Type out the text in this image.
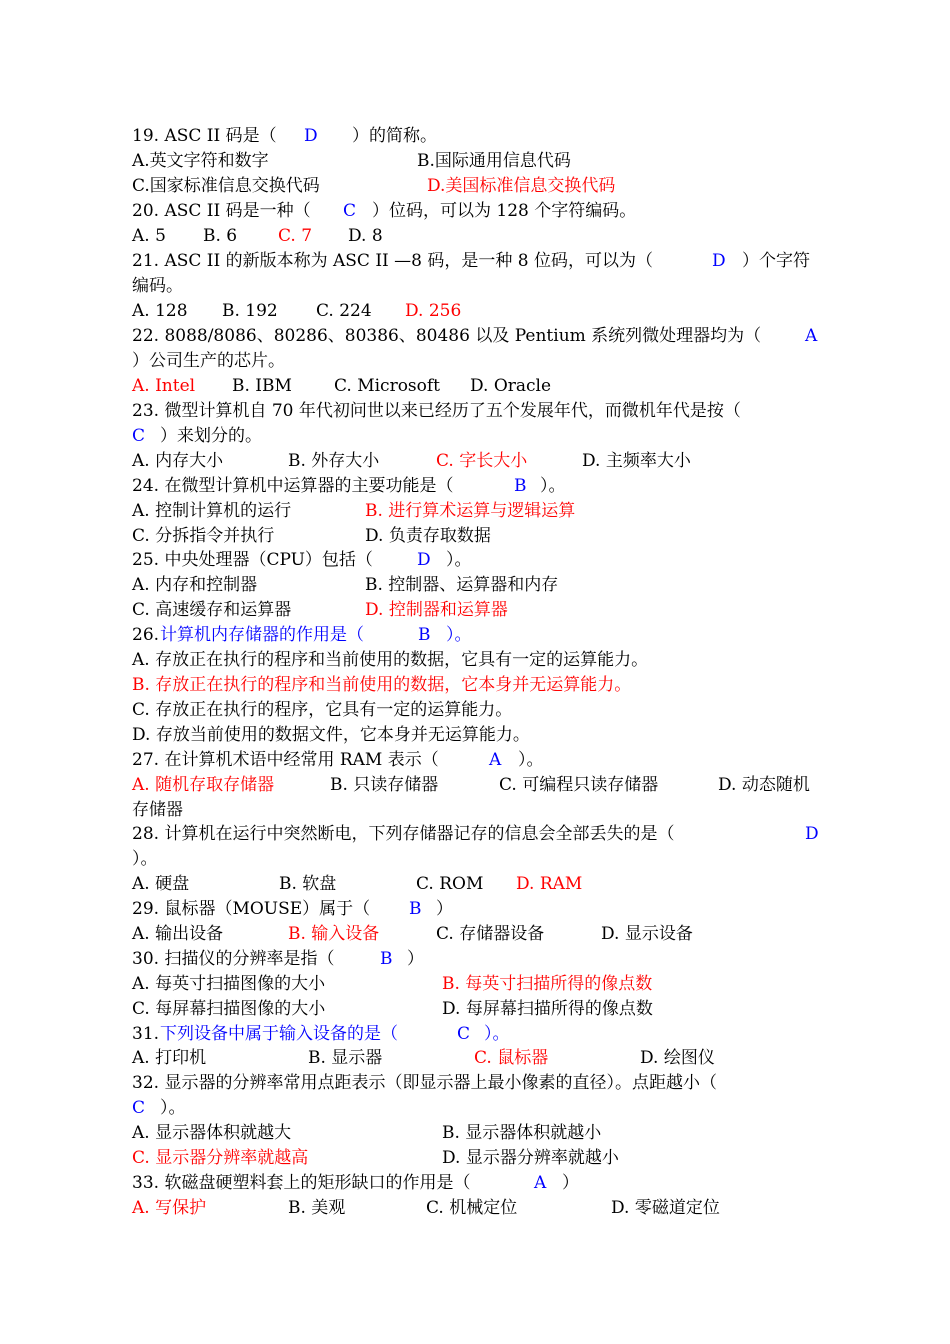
19. ASC II 码是（ D ）的简称。
A.英文字符和数字	B.国际通用信息代码
C.国家标准信息交换代码	D.美国标准信息交换代码
20. ASC II 码是一种（ C ）位码，可以为 128 个字符编码。
A. 5 B. 6 C. 7 D. 8
21. ASC II 的新版本称为 ASC II —8 码，是一种 8 位码，可以为（	D ）个字符
编码。
A. 128 B. 192 C. 224 D. 256
22. 8088/8086、80286、80386、80486 以及 Pentium 系统列微处理器均为（	A
）公司生产的芯片。
A. Intel B. IBM C. Microsoft D. Oracle
23. 微型计算机自 70 年代初问世以来已经历了五个发展年代，而微机年代是按（
C ）来划分的。
A. 内存大小	B. 外存大小	C. 字长大小	D. 主频率大小
24. 在微型计算机中运算器的主要功能是（	B ）。
A. 控制计算机的运行	B. 进行算术运算与逻辑运算
C. 分拆指令并执行	D. 负责存取数据
25. 中央处理器（CPU）包括（	D ）。
A. 内存和控制器	B. 控制器、运算器和内存
C. 高速缓存和运算器	D. 控制器和运算器
26. 计算机内存储器的作用是（	B ）。
A. 存放正在执行的程序和当前使用的数据，它具有一定的运算能力。
B. 存放正在执行的程序和当前使用的数据，它本身并无运算能力。
C. 存放正在执行的程序，它具有一定的运算能力。
D. 存放当前使用的数据文件，它本身并无运算能力。
27. 在计算机术语中经常用 RAM 表示（	A ）。
A. 随机存取存储器	B. 只读存储器	C. 可编程只读存储器	D. 动态随机
存储器
28. 计算机在运行中突然断电，下列存储器记存的信息会全部丢失的是（	D
）。
A. 硬盘	B. 软盘	C. ROM D. RAM
29. 鼠标器（MOUSE）属于（ B ）
A. 输出设备	B. 输入设备	C. 存储器设备	D. 显示设备
30. 扫描仪的分辨率是指（	B ）
A. 每英寸扫描图像的大小	B. 每英寸扫描所得的像点数
C. 每屏幕扫描图像的大小	D. 每屏幕扫描所得的像点数
31. 下列设备中属于输入设备的是（	C ）。
A. 打印机	B. 显示器	C. 鼠标器	D. 绘图仪
32. 显示器的分辨率常用点距表示（即显示器上最小像素的直径）。点距越小（
C ）。
A. 显示器体积就越大	B. 显示器体积就越小
C. 显示器分辨率就越高	D. 显示器分辨率就越小
33. 软磁盘硬塑料套上的矩形缺口的作用是（	A ）
A. 写保护	B. 美观	C. 机械定位	D. 零磁道定位
